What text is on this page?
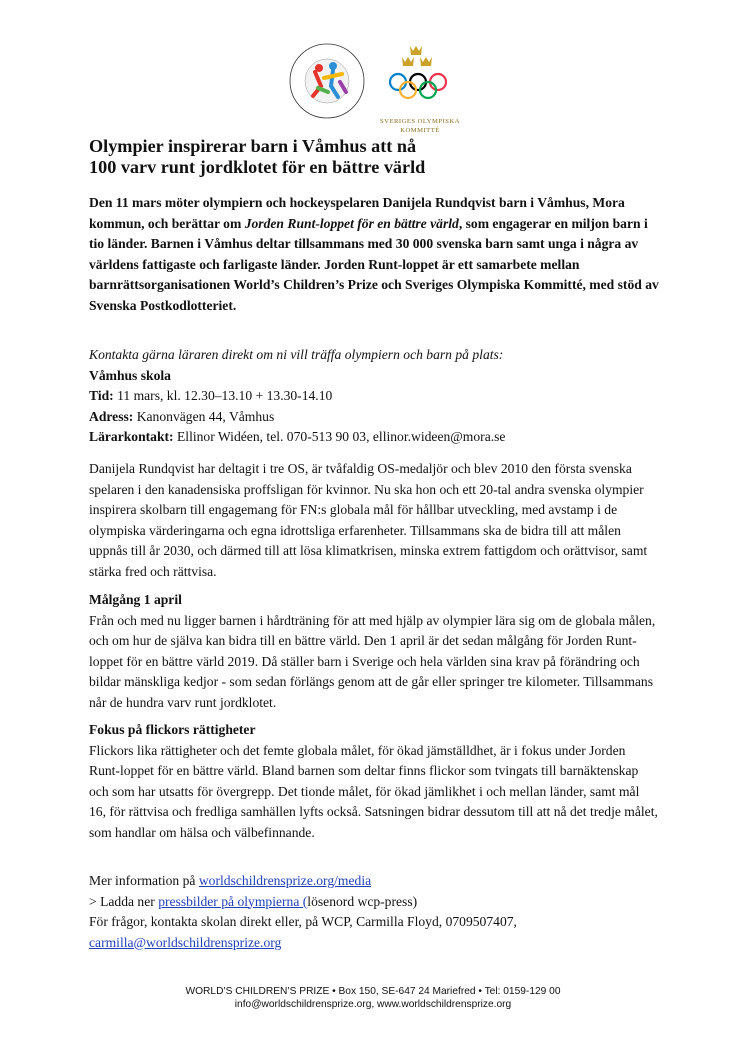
SVERIGES OLYMPISKA
KOMMITTÉ
Olympier inspirerar barn i Våmhus att nå
100 varv runt jordklotet för en bättre värld

Den 11 mars möter olympiern och hockeyspelaren Danijela Rundqvist barn i Våmhus, Mora kommun, och berättar om Jorden Runt-loppet för en bättre värld, som engagerar en miljon barn i tio länder. Barnen i Våmhus deltar tillsammans med 30 000 svenska barn samt unga i några av världens fattigaste och farligaste länder. Jorden Runt-loppet är ett samarbete mellan barnrättsorganisationen World’s Children’s Prize och Sveriges Olympiska Kommitté, med stöd av Svenska Postkodlotteriet.

Kontakta gärna läraren direkt om ni vill träffa olympiern och barn på plats:
Våmhus skola
Tid: 11 mars, kl. 12.30–13.10 + 13.30-14.10
Adress: Kanonvägen 44, Våmhus
Lärarkontakt: Ellinor Widéen, tel. 070-513 90 03, ellinor.wideen@mora.se

Danijela Rundqvist har deltagit i tre OS, är tvåfaldig OS-medaljör och blev 2010 den första svenska spelaren i den kanadensiska proffsligan för kvinnor. Nu ska hon och ett 20-tal andra svenska olympier inspirera skolbarn till engagemang för FN:s globala mål för hållbar utveckling, med avstamp i de olympiska värderingarna och egna idrottsliga erfarenheter. Tillsammans ska de bidra till att målen uppnås till år 2030, och därmed till att lösa klimatkrisen, minska extrem fattigdom och orättvisor, samt stärka fred och rättvisa.

Målgång 1 april
Från och med nu ligger barnen i hårdträning för att med hjälp av olympier lära sig om de globala målen, och om hur de själva kan bidra till en bättre värld. Den 1 april är det sedan målgång för Jorden Runt-loppet för en bättre värld 2019. Då ställer barn i Sverige och hela världen sina krav på förändring och bildar mänskliga kedjor - som sedan förlängs genom att de går eller springer tre kilometer. Tillsammans når de hundra varv runt jordklotet.
Fokus på flickors rättigheter
Flickors lika rättigheter och det femte globala målet, för ökad jämställdhet, är i fokus under Jorden Runt-loppet för en bättre värld. Bland barnen som deltar finns flickor som tvingats till barnäktenskap och som har utsatts för övergrepp. Det tionde målet, för ökad jämlikhet i och mellan länder, samt mål 16, för rättvisa och fredliga samhällen lyfts också. Satsningen bidrar dessutom till att nå det tredje målet, som handlar om hälsa och välbefinnande.
Mer information på worldschildrensprize.org/media
> Ladda ner pressbilder på olympierna (lösenord wcp-press)
För frågor, kontakta skolan direkt eller, på WCP, Carmilla Floyd, 0709507407,
carmilla@worldschildrensprize.org
WORLD’S CHILDREN’S PRIZE • Box 150, SE-647 24 Mariefred • Tel: 0159-129 00
info@worldschildrensprize.org, www.worldschildrensprize.org
